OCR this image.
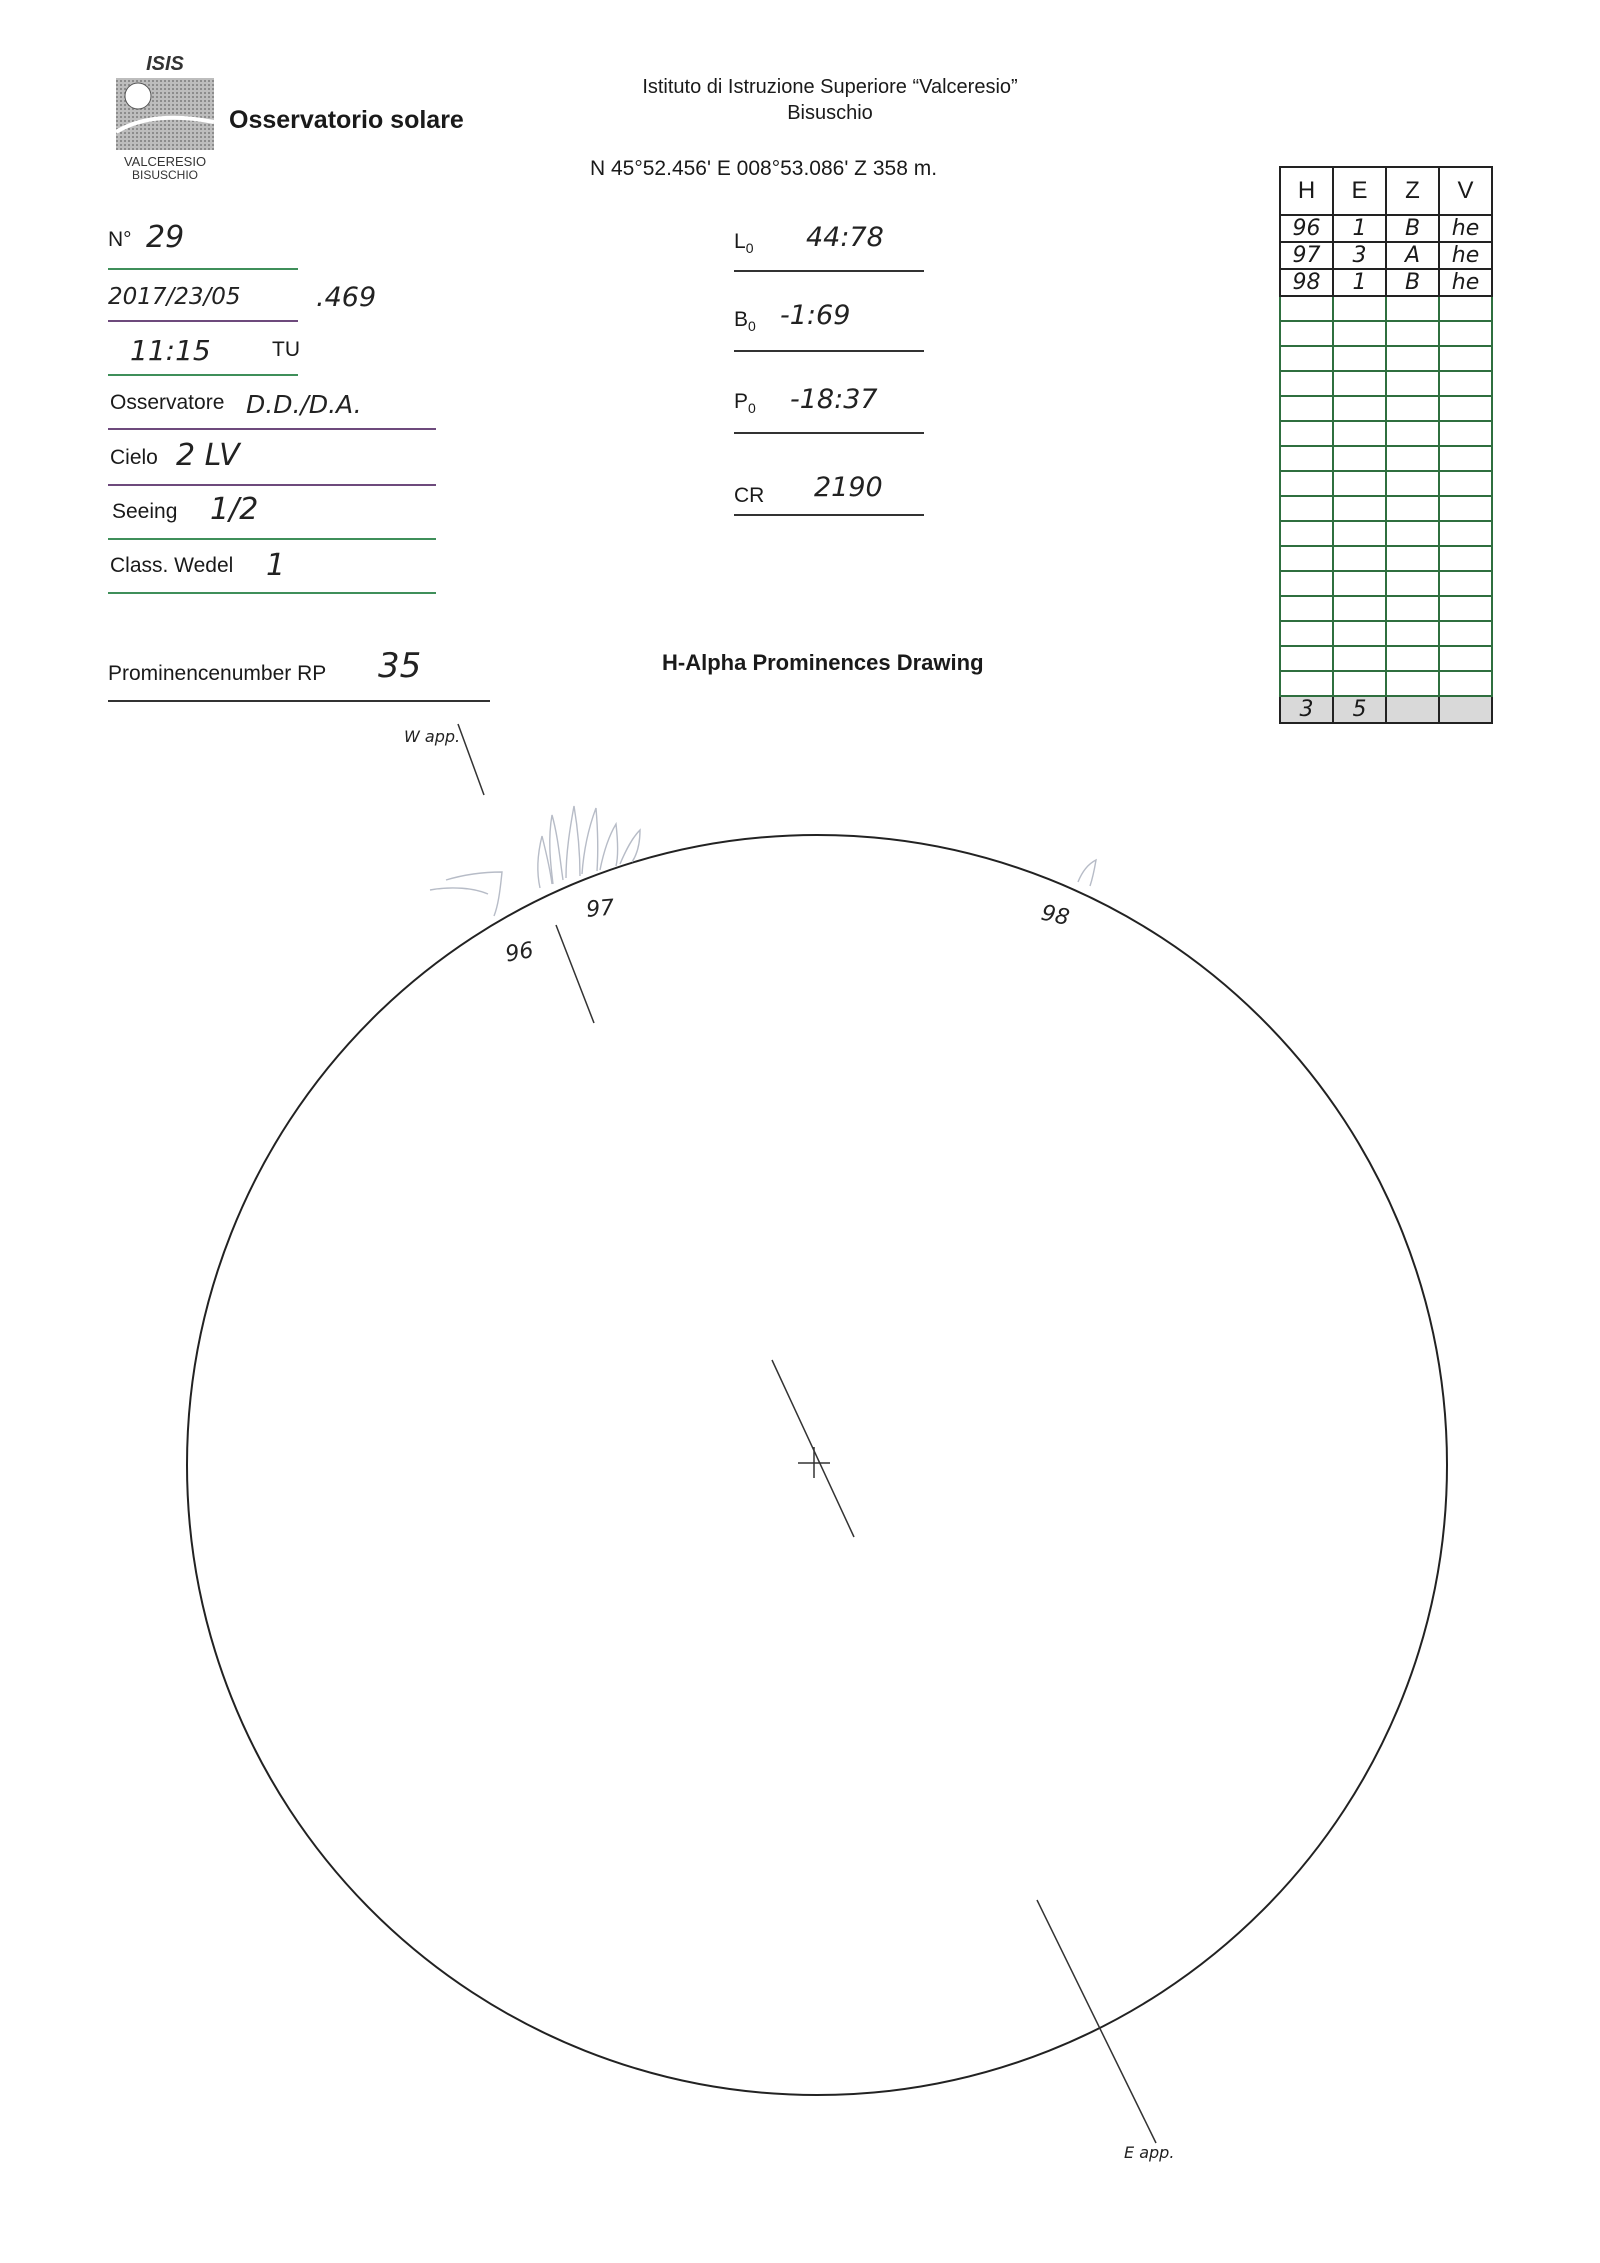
ISIS
VALCERESIO
BISUSCHIO
Osservatorio solare
Istituto di Istruzione Superiore “Valceresio”
Bisuschio
N 45°52.456' E 008°53.086' Z 358 m.
N° 29
2017/23/05	.469
11:15	TU
Osservatore D.D./D.A.
Cielo 2 LV
Seeing 1/2
Class. Wedel 1
Prominencenumber RP 35
$L_0$ 44:78
$B_0$ -1:69
$P_0$ -18:37
CR 2190
H	E	Z	V
96	1	B	he
97	3	A	he
98	1	B	he

3	5		
H-Alpha Prominences Drawing
W app.
E app.
96
97	98
